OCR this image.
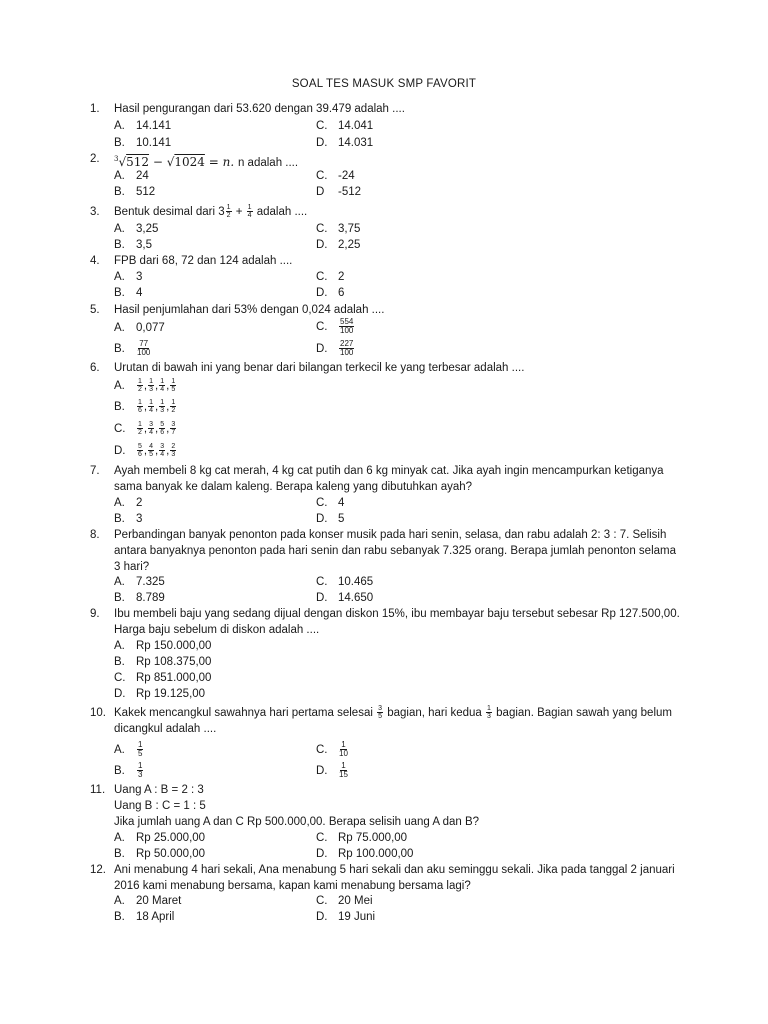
SOAL TES MASUK SMP FAVORIT
1.	Hasil pengurangan dari 53.620 dengan 39.479 adalah ....
A. 14.141	C. 14.041
B. 10.141	D. 14.031
2.	$^3$√512 − √1024 = n. n adalah ....
A. 24	C. -24
B. 512	D -512
3.	Bentuk desimal dari $3 \frac{1}{2} + \frac{1}{4}$ adalah ....
A. 3,25	C. 3,75
B. 3,5	D. 2,25
4.	FPB dari 68, 72 dan 124 adalah ....
A. 3	C. 2
B. 4	D. 6
5.	Hasil penjumlahan dari 53% dengan 0,024 adalah ....
A. 0,077	C. $\frac{554}{100}$
B. $\frac{77}{100}$	D. $\frac{227}{100}$
6.	Urutan di bawah ini yang benar dari bilangan terkecil ke yang terbesar adalah ....
A. $\frac{1}{2}$ , $\frac{1}{3}$ , $\frac{1}{4}$ , $\frac{1}{5}$
B. $\frac{1}{6}$ , $\frac{1}{4}$ , $\frac{1}{3}$ , $\frac{1}{2}$
C. $\frac{1}{2}$ , $\frac{3}{4}$ , $\frac{5}{6}$ , $\frac{3}{7}$
D. $\frac{5}{6}$ , $\frac{4}{5}$ , $\frac{3}{4}$ , $\frac{2}{3}$
7.	Ayah membeli 8 kg cat merah, 4 kg cat putih dan 6 kg minyak cat. Jika ayah ingin mencampurkan ketiganya sama banyak ke dalam kaleng. Berapa kaleng yang dibutuhkan ayah?
A. 2	C. 4
B. 3	D. 5
8.	Perbandingan banyak penonton pada konser musik pada hari senin, selasa, dan rabu adalah 2: 3 : 7. Selisih antara banyaknya penonton pada hari senin dan rabu sebanyak 7.325 orang. Berapa jumlah penonton selama 3 hari?
A. 7.325	C. 10.465
B. 8.789	D. 14.650
9.	Ibu membeli baju yang sedang dijual dengan diskon 15%, ibu membayar baju tersebut sebesar Rp 127.500,00. Harga baju sebelum di diskon adalah ....
A. Rp 150.000,00
B. Rp 108.375,00
C. Rp 851.000,00
D. Rp 19.125,00
10. Kakek mencangkul sawahnya hari pertama selesai $\frac{3}{5}$ bagian, hari kedua $\frac{1}{3}$ bagian. Bagian sawah yang belum dicangkul adalah ....
A. $\frac{1}{5}$	C. $\frac{1}{10}$
B. $\frac{1}{3}$	D. $\frac{1}{15}$
11. Uang A : B = 2 : 3
Uang B : C = 1 : 5
Jika jumlah uang A dan C Rp 500.000,00. Berapa selisih uang A dan B?
A. Rp 25.000,00	C. Rp 75.000,00
B. Rp 50.000,00	D. Rp 100.000,00
12. Ani menabung 4 hari sekali, Ana menabung 5 hari sekali dan aku seminggu sekali. Jika pada tanggal 2 januari 2016 kami menabung bersama, kapan kami menabung bersama lagi?
A. 20 Maret	C. 20 Mei
B. 18 April	D. 19 Juni
